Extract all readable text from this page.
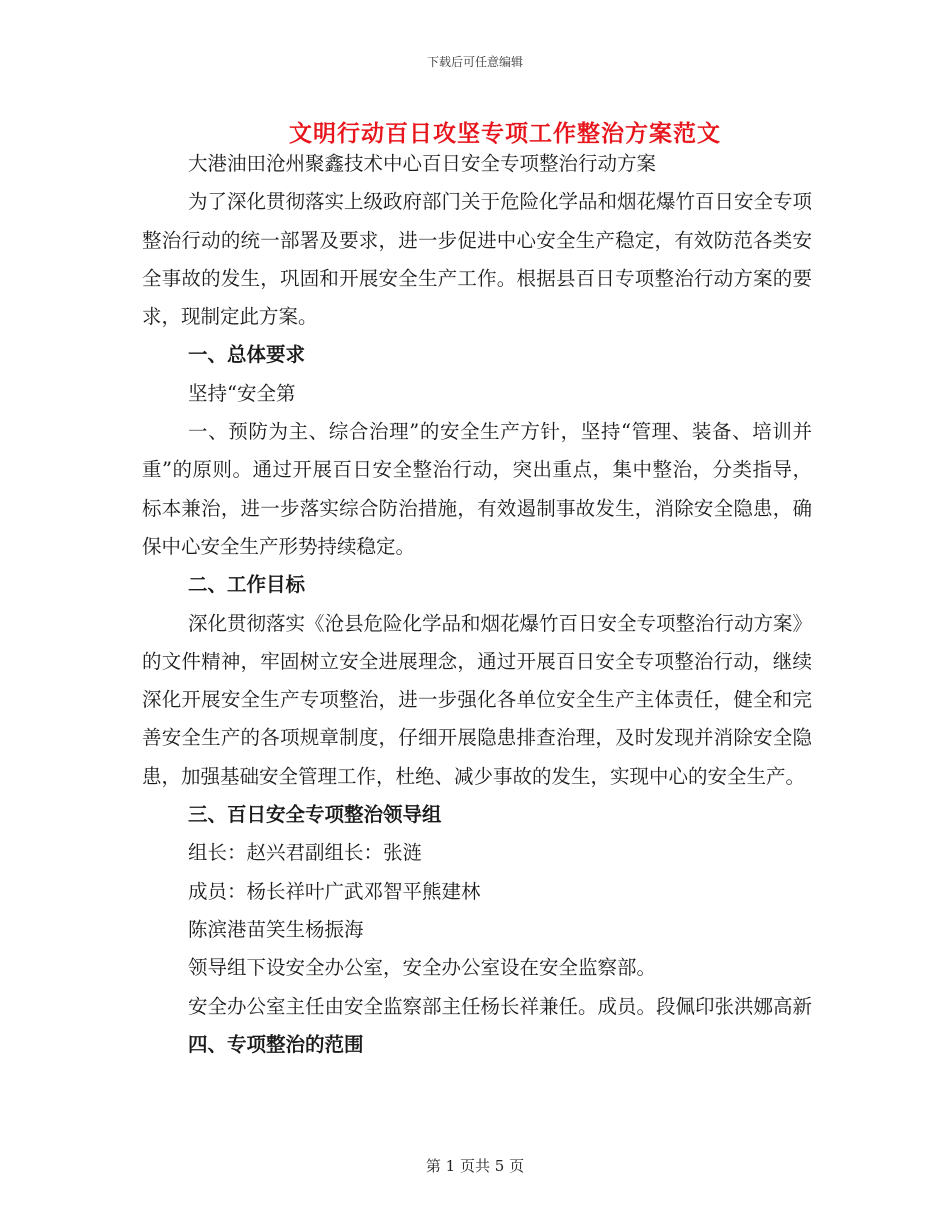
下载后可任意编辑
文明行动百日攻坚专项工作整治方案范文

大港油田沧州聚鑫技术中心百日安全专项整治行动方案

为了深化贯彻落实上级政府部门关于危险化学品和烟花爆竹百日安全专项整治行动的统一部署及要求，进一步促进中心安全生产稳定，有效防范各类安全事故的发生，巩固和开展安全生产工作。根据县百日专项整治行动方案的要求，现制定此方案。

一、总体要求

坚持“安全第

一、预防为主、综合治理”的安全生产方针，坚持“管理、装备、培训并重”的原则。通过开展百日安全整治行动，突出重点，集中整治，分类指导，标本兼治，进一步落实综合防治措施，有效遏制事故发生，消除安全隐患，确保中心安全生产形势持续稳定。

二、工作目标

深化贯彻落实《沧县危险化学品和烟花爆竹百日安全专项整治行动方案》的文件精神，牢固树立安全进展理念，通过开展百日安全专项整治行动，继续深化开展安全生产专项整治，进一步强化各单位安全生产主体责任，健全和完善安全生产的各项规章制度，仔细开展隐患排查治理，及时发现并消除安全隐患，加强基础安全管理工作，杜绝、减少事故的发生，实现中心的安全生产。

三、百日安全专项整治领导组

组长：赵兴君副组长：张涟

成员：杨长祥叶广武邓智平熊建林

陈滨港苗笑生杨振海

领导组下设安全办公室，安全办公室设在安全监察部。

安全办公室主任由安全监察部主任杨长祥兼任。成员。段佩印张洪娜高新

四、专项整治的范围

第 1 页共 5 页
